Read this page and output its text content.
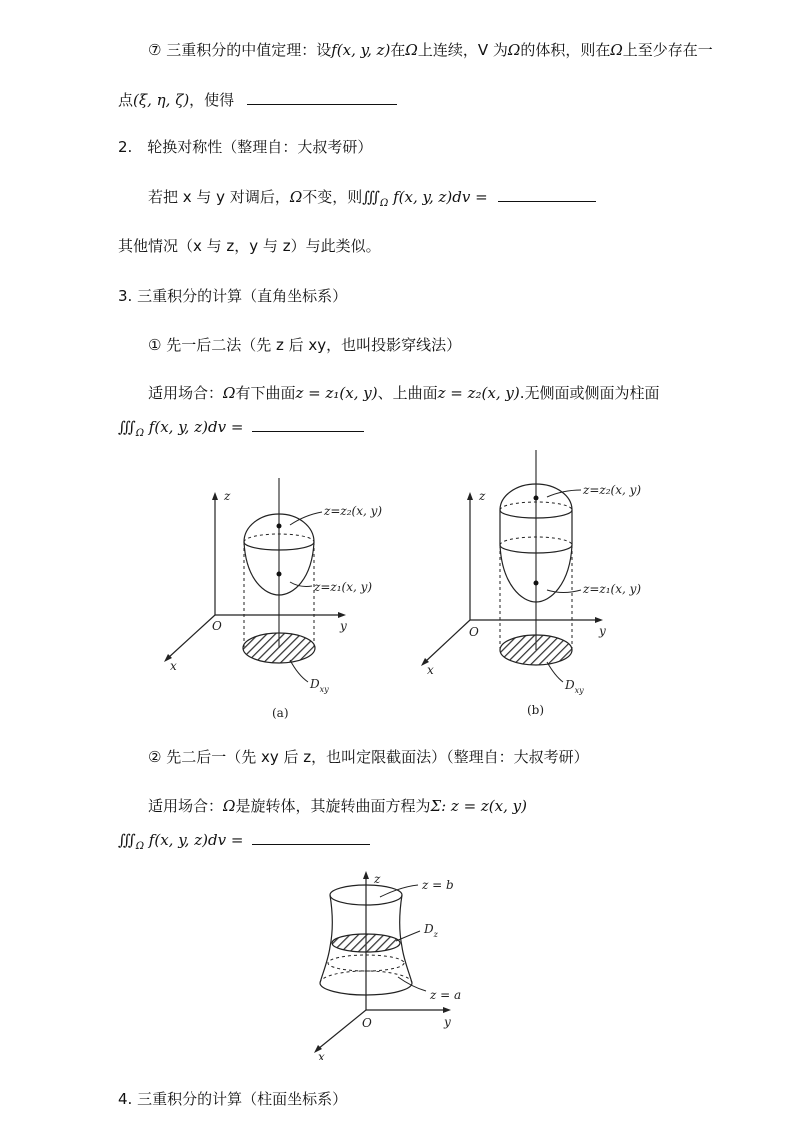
⑦ 三重积分的中值定理：设f(x, y, z)在Ω上连续，V 为Ω的体积，则在Ω上至少存在一
点(ξ, η, ζ)，使得
2.　轮换对称性（整理自：大叔考研）
若把 x 与 y 对调后，Ω不变，则$∭_\Omega$ f(x, y, z)dv =
其他情况（x 与 z，y 与 z）与此类似。
3. 三重积分的计算（直角坐标系）
① 先一后二法（先 z 后 xy，也叫投影穿线法）
适用场合：Ω有下曲面z = z₁(x, y)、上曲面z = z₂(x, y).无侧面或侧面为柱面
$∭_\Omega$ f(x, y, z)dv =
z
y
x
O
z=z₂(x, y)
z=z₁(x, y)
$D_{xy}$
(a)
z
y
x
O
z=z₂(x, y)
z=z₁(x, y)
$D_{xy}$
(b)
② 先二后一（先 xy 后 z，也叫定限截面法）（整理自：大叔考研）
适用场合：Ω是旋转体，其旋转曲面方程为Σ: z = z(x, y)
$∭_\Omega$ f(x, y, z)dv =
z
y
x
O
z = b
$D_z$
z = a
4. 三重积分的计算（柱面坐标系）
